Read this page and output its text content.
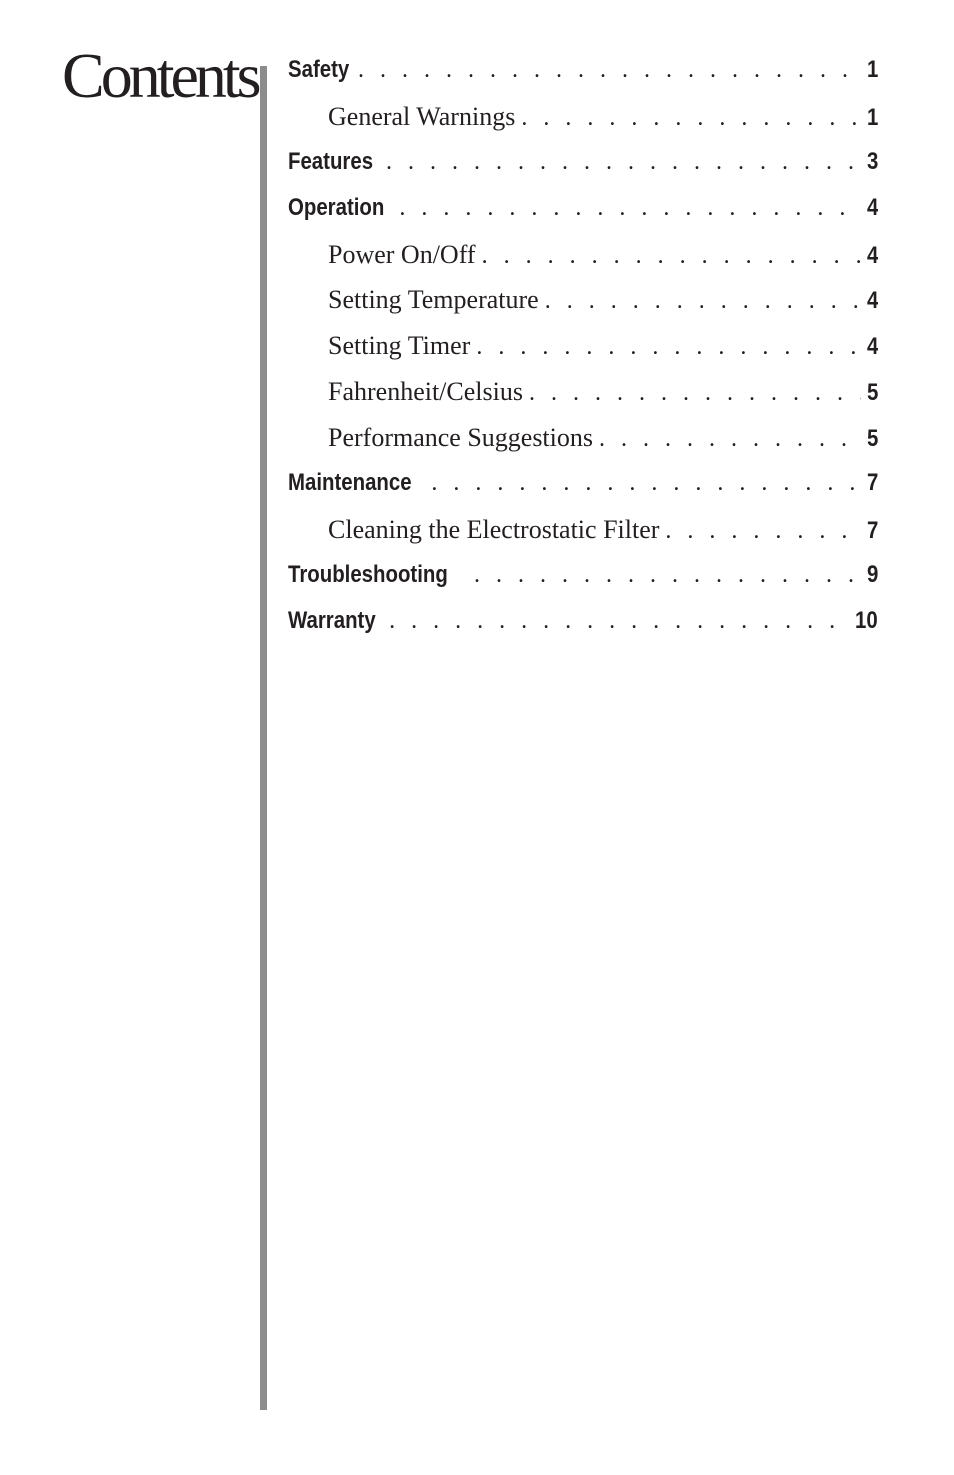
Contents Safety . . .	1
General Warnings . . .	1
Features . . .	3
Operation . . .	4
Power On/Off . . .	4
Setting Temperature . . .	4
Setting Timer . . .	4
Fahrenheit/Celsius . . .	5
Performance Suggestions . . .	5
Maintenance . . .	7
Cleaning the Electrostatic Filter . . .	7
Troubleshooting . . .	9
Warranty . . .	10
